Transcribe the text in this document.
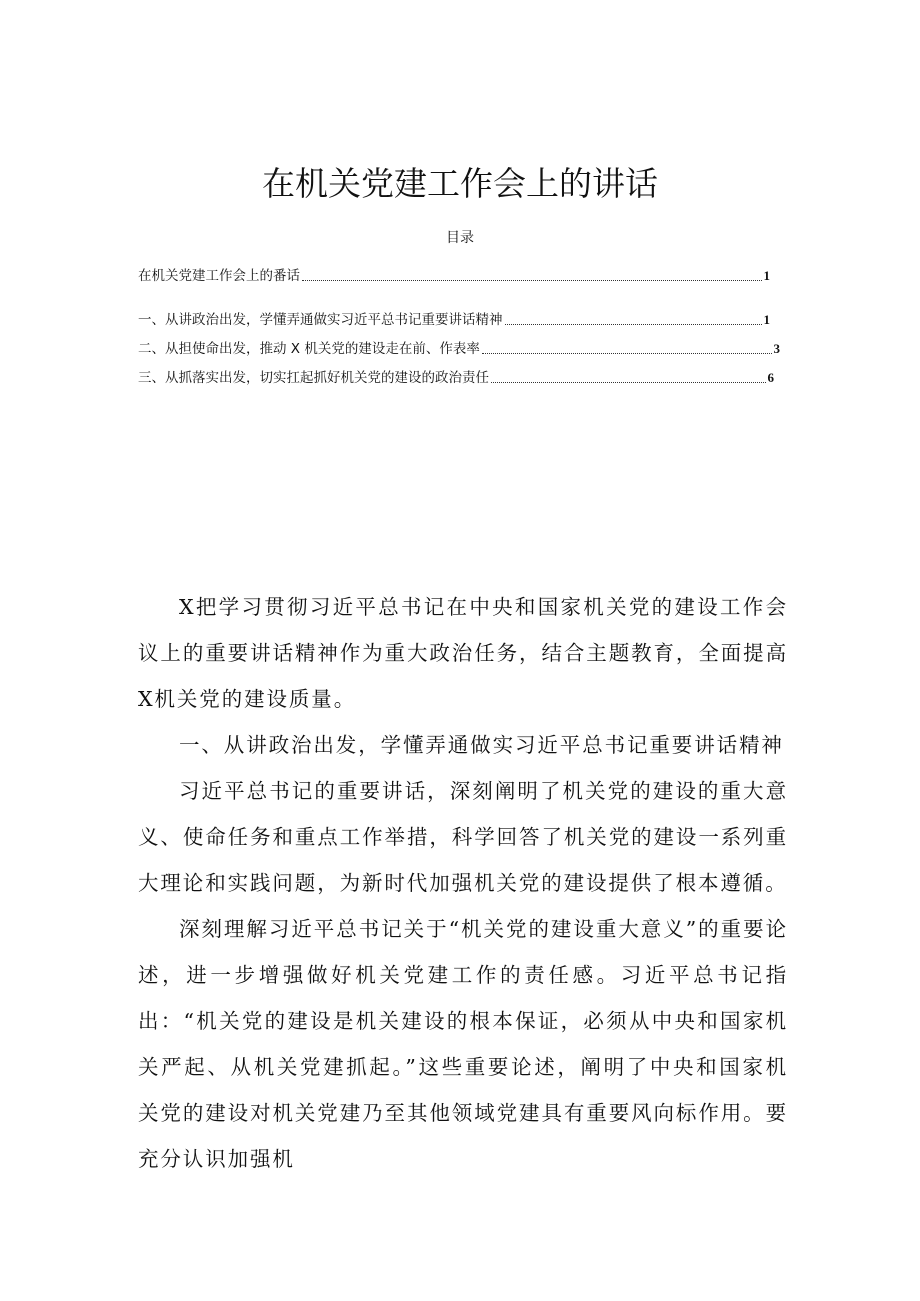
在机关党建工作会上的讲话
目录
在机关党建工作会上的番话	1
一、从讲政治出发，学懂弄通做实习近平总书记重要讲话精神	1
二、从担使命出发，推动 X 机关党的建设走在前、作表率	3
三、从抓落实出发，切实扛起抓好机关党的建设的政治责任	6

X把学习贯彻习近平总书记在中央和国家机关党的建设工作会议上的重要讲话精神作为重大政治任务，结合主题教育，全面提高X机关党的建设质量。

一、从讲政治出发，学懂弄通做实习近平总书记重要讲话精神

习近平总书记的重要讲话，深刻阐明了机关党的建设的重大意义、使命任务和重点工作举措，科学回答了机关党的建设一系列重大理论和实践问题，为新时代加强机关党的建设提供了根本遵循。

深刻理解习近平总书记关于“机关党的建设重大意义”的重要论述，进一步增强做好机关党建工作的责任感。习近平总书记指出：“机关党的建设是机关建设的根本保证，必须从中央和国家机关严起、从机关党建抓起。”这些重要论述，阐明了中央和国家机关党的建设对机关党建乃至其他领域党建具有重要风向标作用。要充分认识加强机
